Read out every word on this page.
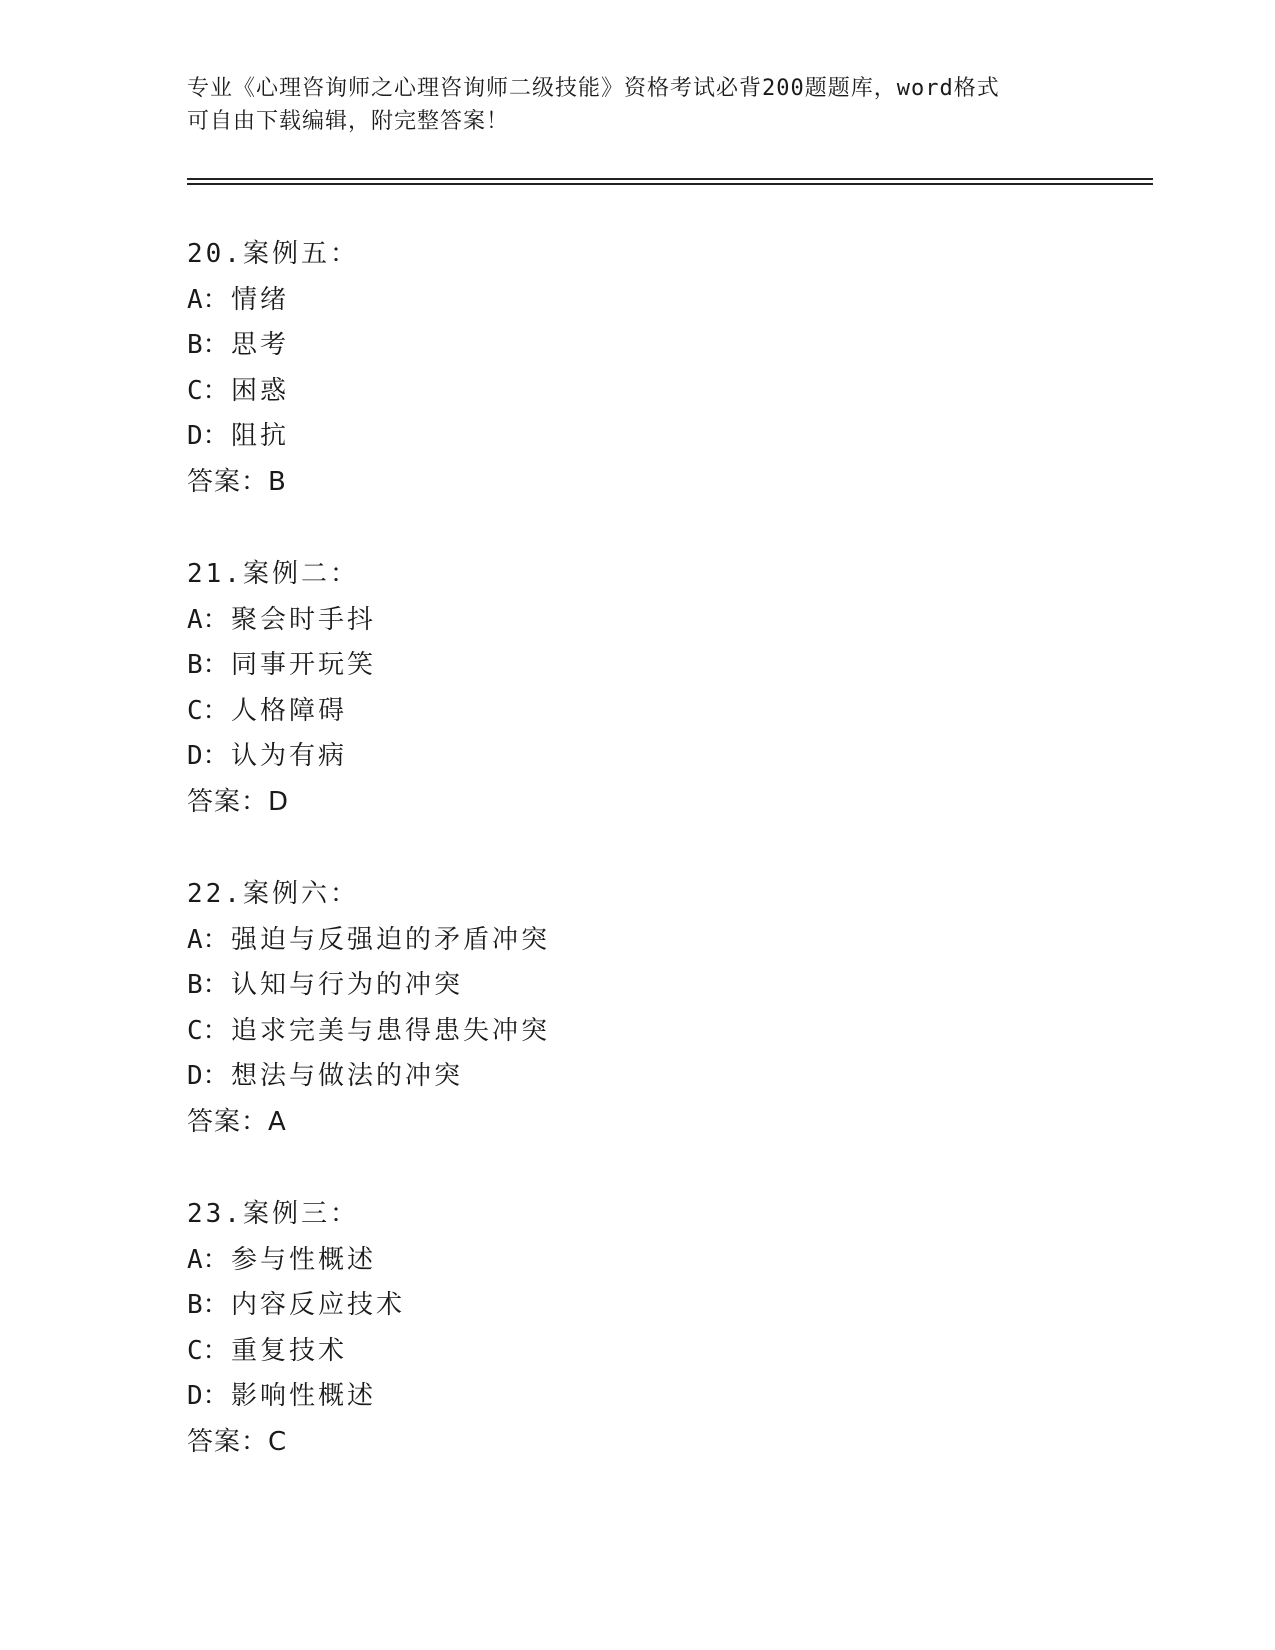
专业《心理咨询师之心理咨询师二级技能》资格考试必背200题题库，word格式
可自由下载编辑，附完整答案！
20.案例五：
A：情绪
B：思考
C：困惑
D：阻抗
答案：B
21.案例二：
A：聚会时手抖
B：同事开玩笑
C：人格障碍
D：认为有病
答案：D
22.案例六：
A：强迫与反强迫的矛盾冲突
B：认知与行为的冲突
C：追求完美与患得患失冲突
D：想法与做法的冲突
答案：A
23.案例三：
A：参与性概述
B：内容反应技术
C：重复技术
D：影响性概述
答案：C
